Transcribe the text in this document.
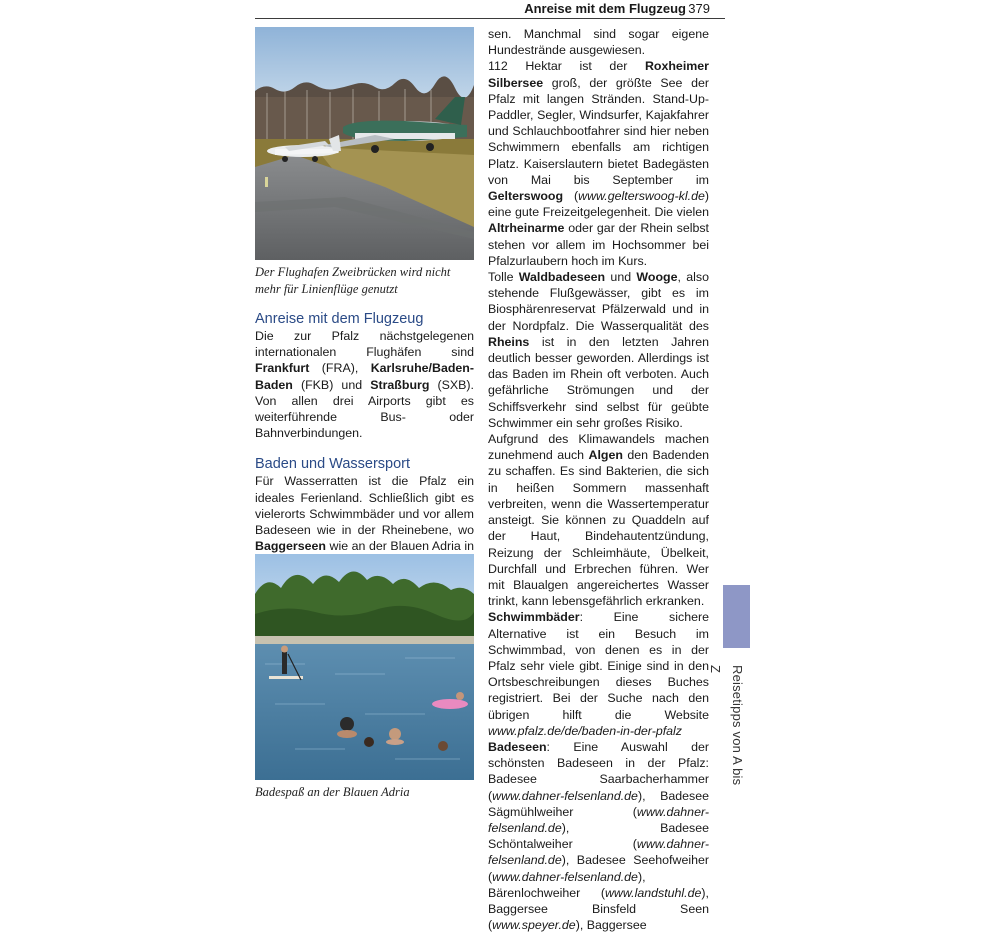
Anreise mit dem Flugzeug 379
Reisetipps von A bis Z
Der Flughafen Zweibrücken wird nicht mehr für Linienflüge genutzt

Anreise mit dem Flugzeug

Die zur Pfalz nächstgelegenen internationalen Flughäfen sind Frankfurt (FRA), Karlsruhe/Baden-Baden (FKB) und Straßburg (SXB). Von allen drei Airports gibt es weiterführende Bus- oder Bahnverbindungen.

Baden und Wassersport

Für Wasserratten ist die Pfalz ein ideales Ferienland. Schließlich gibt es vielerorts Schwimmbäder und vor allem Badeseen wie in der Rheinebene, wo Baggerseen wie an der Blauen Adria in

Badespaß an der Blauen Adria

sen. Manchmal sind sogar eigene Hundestrände ausgewiesen.

112 Hektar ist der Roxheimer Silbersee groß, der größte See der Pfalz mit langen Stränden. Stand-Up-Paddler, Segler, Windsurfer, Kajakfahrer und Schlauchbootfahrer sind hier neben Schwimmern ebenfalls am richtigen Platz. Kaiserslautern bietet Badegästen von Mai bis September im Gelterswoog (www.gelterswoog-kl.de) eine gute Freizeitgelegenheit. Die vielen Altrheinarme oder gar der Rhein selbst stehen vor allem im Hochsommer bei Pfalzurlaubern hoch im Kurs.

Tolle Waldbadeseen und Wooge, also stehende Flußgewässer, gibt es im Biosphärenreservat Pfälzerwald und in der Nordpfalz. Die Wasserqualität des Rheins ist in den letzten Jahren deutlich besser geworden. Allerdings ist das Baden im Rhein oft verboten. Auch gefährliche Strömungen und der Schiffsverkehr sind selbst für geübte Schwimmer ein sehr großes Risiko.

Aufgrund des Klimawandels machen zunehmend auch Algen den Badenden zu schaffen. Es sind Bakterien, die sich in heißen Sommern massenhaft verbreiten, wenn die Wassertemperatur ansteigt. Sie können zu Quaddeln auf der Haut, Bindehautentzündung, Reizung der Schleimhäute, Übelkeit, Durchfall und Erbrechen führen. Wer mit Blaualgen angereichertes Wasser trinkt, kann lebensgefährlich erkranken.

Schwimmbäder: Eine sichere Alternative ist ein Besuch im Schwimmbad, von denen es in der Pfalz sehr viele gibt. Einige sind in den Ortsbeschreibungen dieses Buches registriert. Bei der Suche nach den übrigen hilft die Website www.pfalz.de/de/baden-in-der-pfalz

Badeseen: Eine Auswahl der schönsten Badeseen in der Pfalz: Badesee Saarbacherhammer (www.dahner-felsenland.de), Badesee Sägmühlweiher (www.dahner-felsenland.de), Badesee Schöntalweiher (www.dahner-felsenland.de), Badesee Seehofweiher (www.dahner-felsenland.de), Bärenlochweiher (www.landstuhl.de), Baggersee Binsfeld Seen (www.speyer.de), Baggersee
